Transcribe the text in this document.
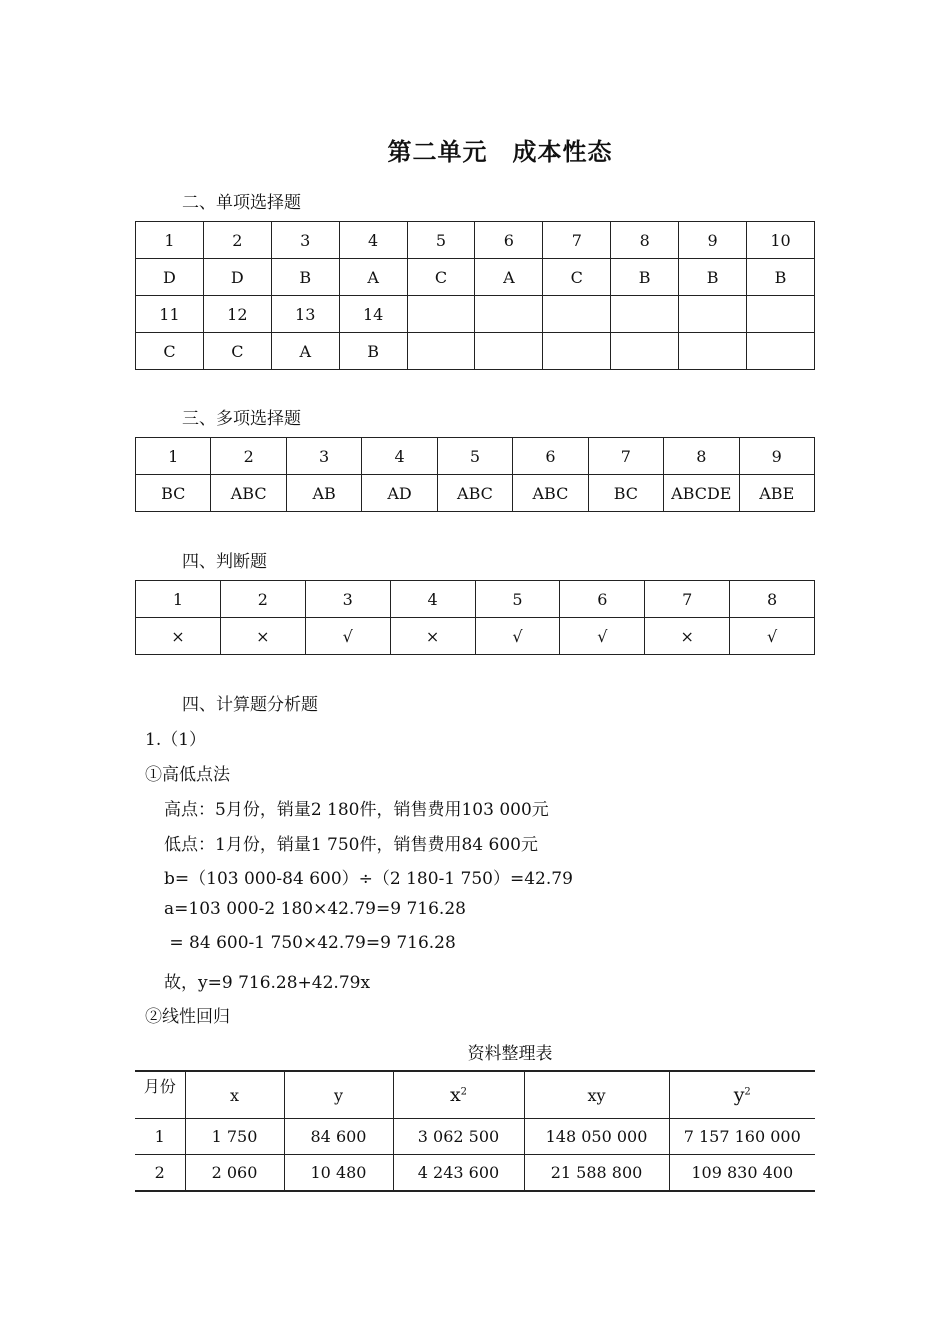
第二单元　成本性态
二、单项选择题
1	2	3	4	5	6	7	8	9	10
D	D	B	A	C	A	C	B	B	B
11	12	13	14						
C	C	A	B						
三、多项选择题
1	2	3	4	5	6	7	8	9
BC	ABC	AB	AD	ABC	ABC	BC	ABCDE	ABE
四、判断题
1	2	3	4	5	6	7	8
×	×	√	×	√	√	×	√
四、计算题分析题
1.（1）
①高低点法
高点：5月份，销量2 180件，销售费用103 000元
低点：1月份，销量1 750件，销售费用84 600元
b=（103 000-84 600）÷（2 180-1 750）=42.79
a=103 000-2 180×42.79=9 716.28
= 84 600-1 750×42.79=9 716.28
故，y=9 716.28+42.79x
②线性回归
资料整理表
月份	x	y	$x^2$	xy	$y^2$
1	1 750	84 600	3 062 500	148 050 000	7 157 160 000
2	2 060	10 480	4 243 600	21 588 800	109 830 400
